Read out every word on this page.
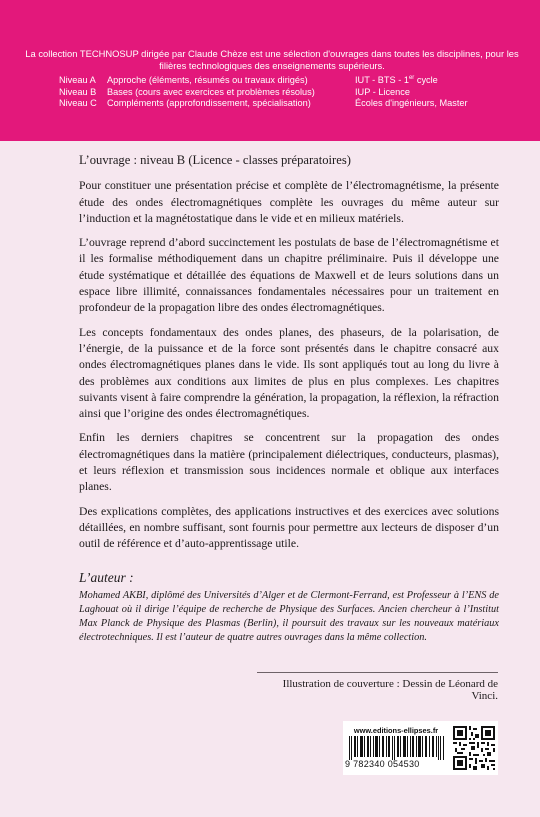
La collection TECHNOSUP dirigée par Claude Chèze est une sélection d'ouvrages dans toutes les disciplines, pour les filières technologiques des enseignements supérieurs.
Niveau A	Approche (éléments, résumés ou travaux dirigés)	IUT - BTS - 1er cycle
Niveau B	Bases (cours avec exercices et problèmes résolus)	IUP - Licence
Niveau C	Compléments (approfondissement, spécialisation)	Écoles d'ingénieurs, Master

L’ouvrage : niveau B (Licence - classes préparatoires)

Pour constituer une présentation précise et complète de l’électromagnétisme, la présente étude des ondes électromagnétiques complète les ouvrages du même auteur sur l’induction et la magnétostatique dans le vide et en milieux matériels.

L’ouvrage reprend d’abord succinctement les postulats de base de l’électromagnétisme et il les formalise méthodiquement dans un chapitre préliminaire. Puis il développe une étude systématique et détaillée des équations de Maxwell et de leurs solutions dans un espace libre illimité, connaissances fondamentales nécessaires pour un traitement en profondeur de la propagation libre des ondes électromagnétiques.

Les concepts fondamentaux des ondes planes, des phaseurs, de la polarisation, de l’énergie, de la puissance et de la force sont présentés dans le chapitre consacré aux ondes électromagnétiques planes dans le vide. Ils sont appliqués tout au long du livre à des problèmes aux conditions aux limites de plus en plus complexes. Les chapitres suivants visent à faire comprendre la génération, la propagation, la réflexion, la réfraction ainsi que l’origine des ondes électromagnétiques.

Enfin les derniers chapitres se concentrent sur la propagation des ondes électromagnétiques dans la matière (principalement diélectriques, conducteurs, plasmas), et leurs réflexion et transmission sous incidences normale et oblique aux interfaces planes.

Des explications complètes, des applications instructives et des exercices avec solutions détaillées, en nombre suffisant, sont fournis pour permettre aux lecteurs de disposer d’un outil de référence et d’auto-apprentissage utile.

L’auteur :
Mohamed AKBI, diplômé des Universités d’Alger et de Clermont-Ferrand, est Professeur à l’ENS de Laghouat où il dirige l’équipe de recherche de Physique des Surfaces. Ancien chercheur à l’Institut Max Planck de Physique des Plasmas (Berlin), il poursuit des travaux sur les nouveaux matériaux électrotechniques. Il est l’auteur de quatre autres ouvrages dans la même collection.
Illustration de couverture : Dessin de Léonard de Vinci.
www.editions-ellipses.fr
9 782340 054530
